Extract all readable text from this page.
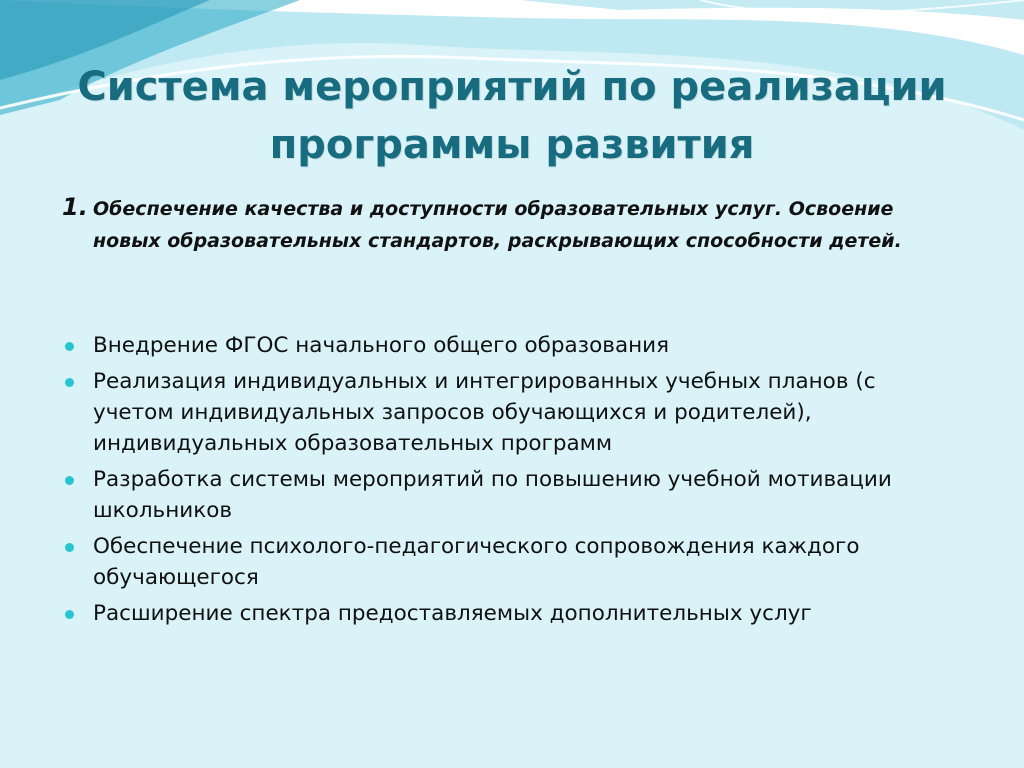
Система мероприятий по реализации программы развития
1. Обеспечение качества и доступности образовательных услуг. Освоение новых образовательных стандартов, раскрывающих способности детей.
Внедрение ФГОС начального общего образования
Реализация индивидуальных и интегрированных учебных планов (с учетом индивидуальных запросов обучающихся и родителей), индивидуальных образовательных программ
Разработка системы мероприятий по повышению учебной мотивации школьников
Обеспечение психолого-педагогического сопровождения каждого обучающегося
Расширение спектра предоставляемых дополнительных услуг
